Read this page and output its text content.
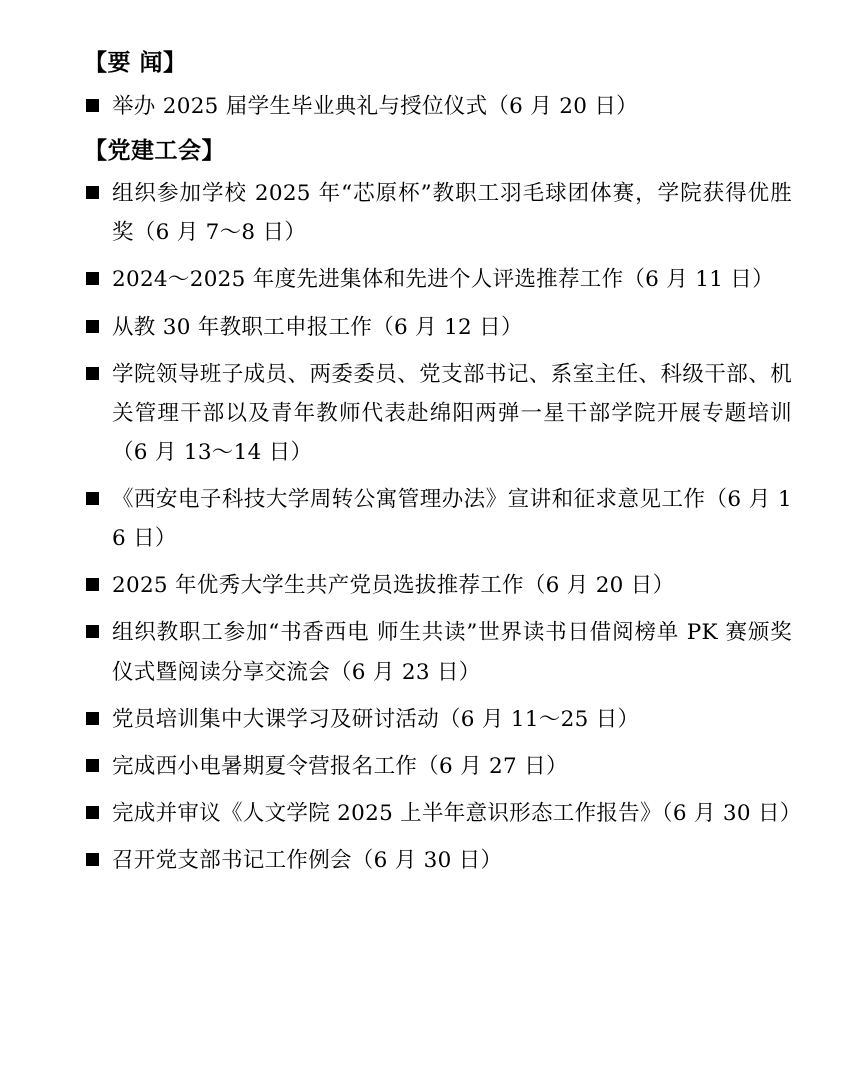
【要 闻】
举办 2025 届学生毕业典礼与授位仪式（6 月 20 日）
【党建工会】
组织参加学校 2025 年“芯原杯”教职工羽毛球团体赛，学院获得优胜奖（6 月 7～8 日）
2024～2025 年度先进集体和先进个人评选推荐工作（6 月 11 日）
从教 30 年教职工申报工作（6 月 12 日）
学院领导班子成员、两委委员、党支部书记、系室主任、科级干部、机关管理干部以及青年教师代表赴绵阳两弹一星干部学院开展专题培训（6 月 13～14 日）
《西安电子科技大学周转公寓管理办法》宣讲和征求意见工作（6 月 16 日）
2025 年优秀大学生共产党员选拔推荐工作（6 月 20 日）
组织教职工参加“书香西电 师生共读”世界读书日借阅榜单 PK 赛颁奖仪式暨阅读分享交流会（6 月 23 日）
党员培训集中大课学习及研讨活动（6 月 11～25 日）
完成西小电暑期夏令营报名工作（6 月 27 日）
完成并审议《人文学院 2025 上半年意识形态工作报告》（6 月 30 日）
召开党支部书记工作例会（6 月 30 日）
